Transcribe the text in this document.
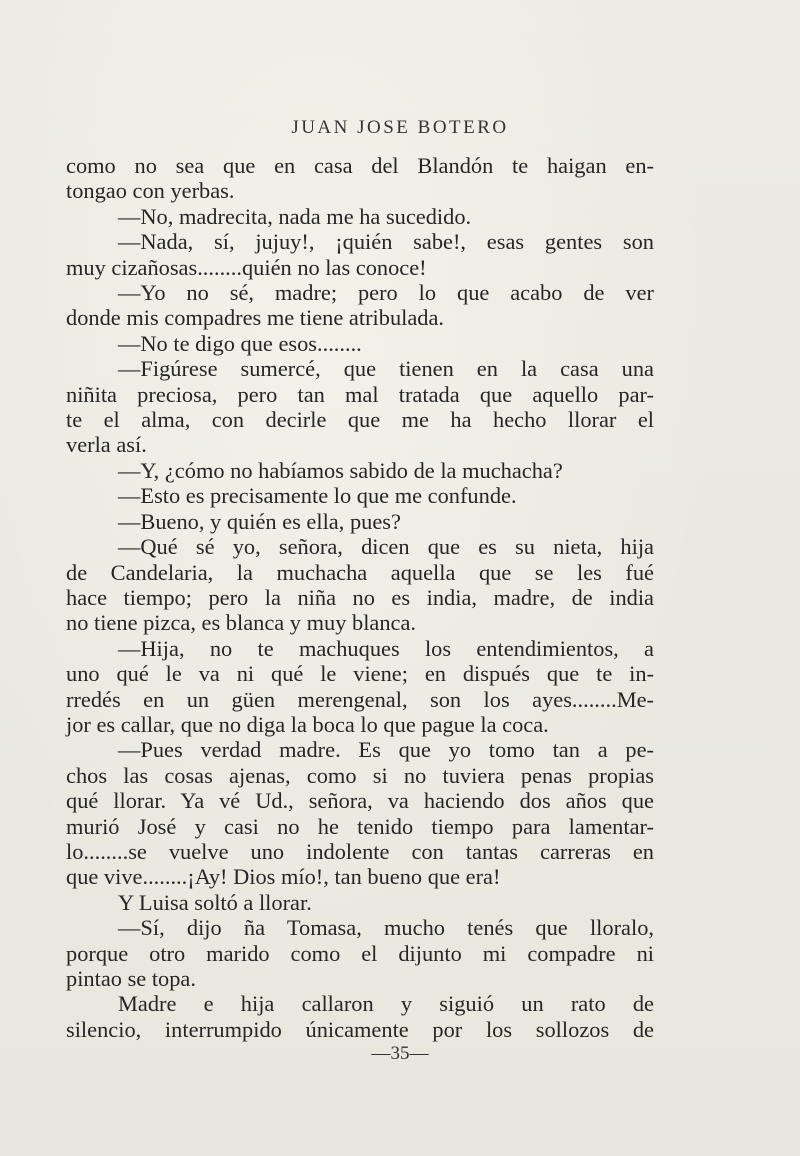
JUAN JOSE BOTERO

como no sea que en casa del Blandón te haigan en-

tongao con yerbas.

—No, madrecita, nada me ha sucedido.

—Nada, sí, jujuy!, ¡quién sabe!, esas gentes son

muy cizañosas........quién no las conoce!

—Yo no sé, madre; pero lo que acabo de ver

donde mis compadres me tiene atribulada.

—No te digo que esos........

—Figúrese sumercé, que tienen en la casa una

niñita preciosa, pero tan mal tratada que aquello par-

te el alma, con decirle que me ha hecho llorar el

verla así.

—Y, ¿cómo no habíamos sabido de la muchacha?

—Esto es precisamente lo que me confunde.

—Bueno, y quién es ella, pues?

—Qué sé yo, señora, dicen que es su nieta, hija

de Candelaria, la muchacha aquella que se les fué

hace tiempo; pero la niña no es india, madre, de india

no tiene pizca, es blanca y muy blanca.

—Hija, no te machuques los entendimientos, a

uno qué le va ni qué le viene; en dispués que te in-

rredés en un güen merengenal, son los ayes........Me-

jor es callar, que no diga la boca lo que pague la coca.

—Pues verdad madre. Es que yo tomo tan a pe-

chos las cosas ajenas, como si no tuviera penas propias

qué llorar. Ya vé Ud., señora, va haciendo dos años que

murió José y casi no he tenido tiempo para lamentar-

lo........se vuelve uno indolente con tantas carreras en

que vive........¡Ay! Dios mío!, tan bueno que era!

Y Luisa soltó a llorar.

—Sí, dijo ña Tomasa, mucho tenés que lloralo,

porque otro marido como el dijunto mi compadre ni

pintao se topa.

Madre e hija callaron y siguió un rato de

silencio, interrumpido únicamente por los sollozos de

—35—
